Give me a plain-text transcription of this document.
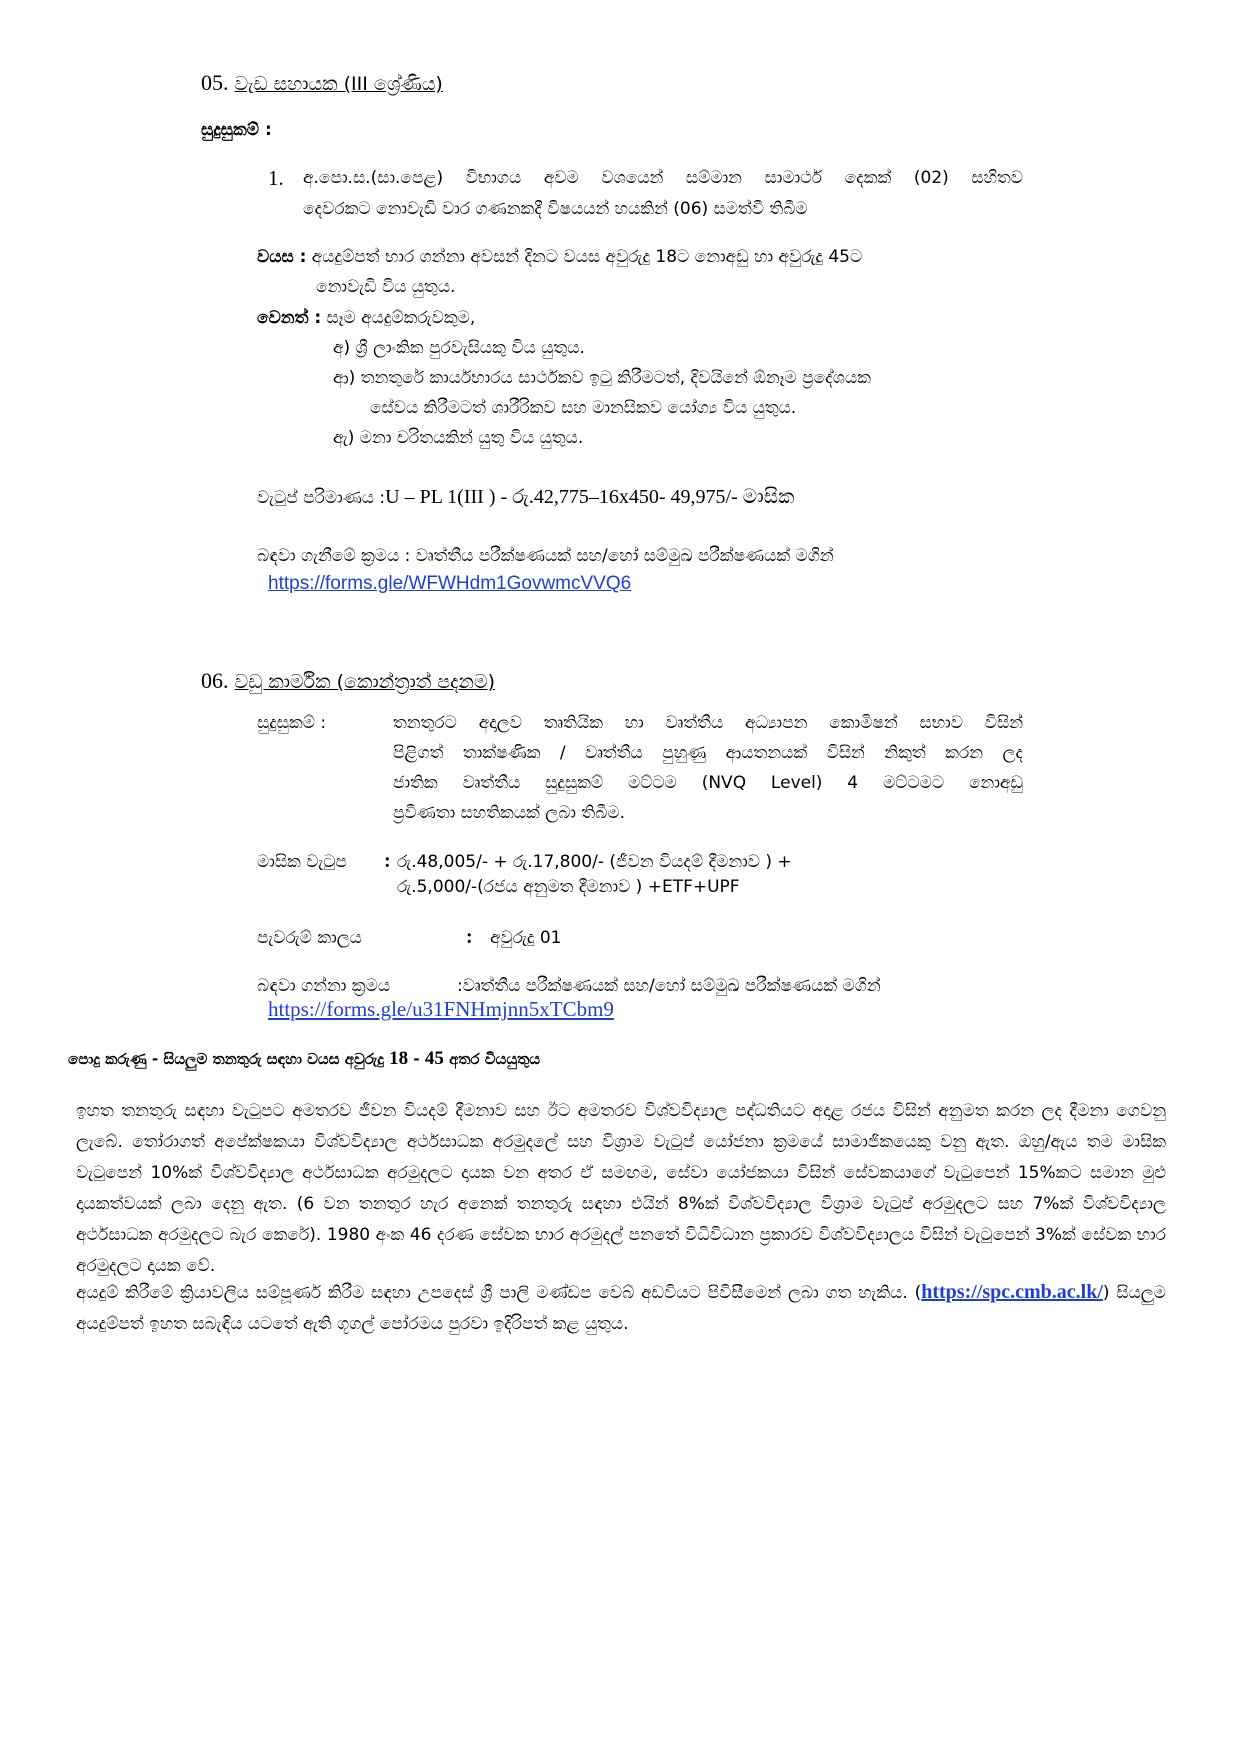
05. වැඩ සහායක (III ශ්‍රේණිය)
සුදුසුකම් :
1. අ.පො.ස.(සා.පෙළ) විභාගය අවම වශයෙන් සම්මාන සාමාර්ථ දෙකක් (02) සහිතව
දෙවරකට නොවැඩි වාර ගණනකදී විෂයයන් හයකින් (06) සමත්වී තිබීම
වයස : අයදුම්පත් භාර ගන්නා අවසන් දිනට වයස අවුරුදු 18ට නොඅඩු හා අවුරුදු 45ට
නොවැඩි විය යුතුය.
වෙනත් : සෑම අයදුම්කරුවකුම,
අ) ශ්‍රී ලාංකික පුරවැසියකු විය යුතුය.
ආ) තනතුරේ කාර්යභාරය සාර්ථකව ඉටු කිරීමටත්, දිවයිනේ ඕනෑම ප්‍රදේශයක
සේවය කිරීමටත් ශාරීරිකව සහ මානසිකව යෝග්‍ය විය යුතුය.
ඇ) මනා චරිතයකින් යුතු විය යුතුය.
වැටුප් පරිමාණය :U – PL 1(III ) - රු.42,775–16x450- 49,975/- මාසික
බඳවා ගැනීමේ ක්‍රමය : වෘත්තීය පරීක්ෂණයක් සහ/හෝ සම්මුඛ පරීක්ෂණයක් මගින්
https://forms.gle/WFWHdm1GovwmcVVQ6
06. වඩු කාර්මික (කොන්ත්‍රාත් පදනම)
සුදුසුකම් :	තනතුරට අදාලව තෘතියික හා වෘත්තීය අධ්‍යාපන කොමිෂන් සභාව විසින්
පිළිගත් තාක්ෂණික / වෘත්තීය පුහුණු ආයතනයක් විසින් නිකුත් කරන ලද
ජාතික වෘත්තීය සුදුසුකම් මට්ටම (NVQ Level) 4 මට්ටමට නොඅඩු
ප්‍රවීණතා සහතිකයක් ලබා තිබීම.
මාසික වැටුප : රු.48,005/- + රු.17,800/- (ජීවන වියදම් දීමනාව ) +
රු.5,000/-(රජය අනුමත දීමනාව ) +ETF+UPF
පැවරුම් කාලය	: අවුරුදු 01
බඳවා ගන්නා ක්‍රමය	:වෘත්තීය පරීක්ෂණයක් සහ/හෝ සම්මුඛ පරීක්ෂණයක් මගින්
https://forms.gle/u31FNHmjnn5xTCbm9
පොදු කරුණු - සියලුම තනතුරු සඳහා වයස අවුරුදු 18 - 45 අතර වියයුතුය
ඉහත තනතුරු සඳහා වැටුපට අමතරව ජීවන වියදම් දීමනාව සහ ඊට අමතරව විශ්වවිද්‍යාල පද්ධතියට අදාළ රජය විසින් අනුමත කරන ලද දීමනා ගෙවනු ලැබේ. තෝරාගත් අපේක්ෂකයා විශ්වවිද්‍යාල අර්ථසාධක අරමුදලේ සහ විශ්‍රාම වැටුප් යෝජනා ක්‍රමයේ සාමාජිකයෙකු වනු ඇත. ඔහු/ඇය තම මාසික වැටුපෙන් 10%ක් විශ්වවිද්‍යාල අර්ථසාධක අරමුදලට දායක වන අතර ඒ සමඟම, සේවා යෝජකයා විසින් සේවකයාගේ වැටුපෙන් 15%කට සමාන මුළු දායකත්වයක් ලබා දෙනු ඇත. (6 වන තනතුර හැර අනෙක් තනතුරු සඳහා එයින් 8%ක් විශ්වවිද්‍යාල විශ්‍රාම වැටුප් අරමුදලට සහ 7%ක් විශ්වවිද්‍යාල අර්ථසාධක අරමුදලට බැර කෙරේ). 1980 අංක 46 දරණ සේවක භාර අරමුදල් පනතේ විධිවිධාන ප්‍රකාරව විශ්වවිද්‍යාලය විසින් වැටුපෙන් 3%ක් සේවක භාර අරමුදලට දායක වේ.
අයදුම් කිරීමේ ක්‍රියාවලිය සම්පූර්ණ කිරීම සඳහා උපදෙස් ශ්‍රී පාලි මණ්ඩප වෙබ් අඩවියට පිවිසීමෙන් ලබා ගත හැකිය. (https://spc.cmb.ac.lk/) සියලුම අයදුම්පත් ඉහත සබැඳිය යටතේ ඇති ගූගල් පෝරමය පුරවා ඉදිරිපත් කළ යුතුය.
